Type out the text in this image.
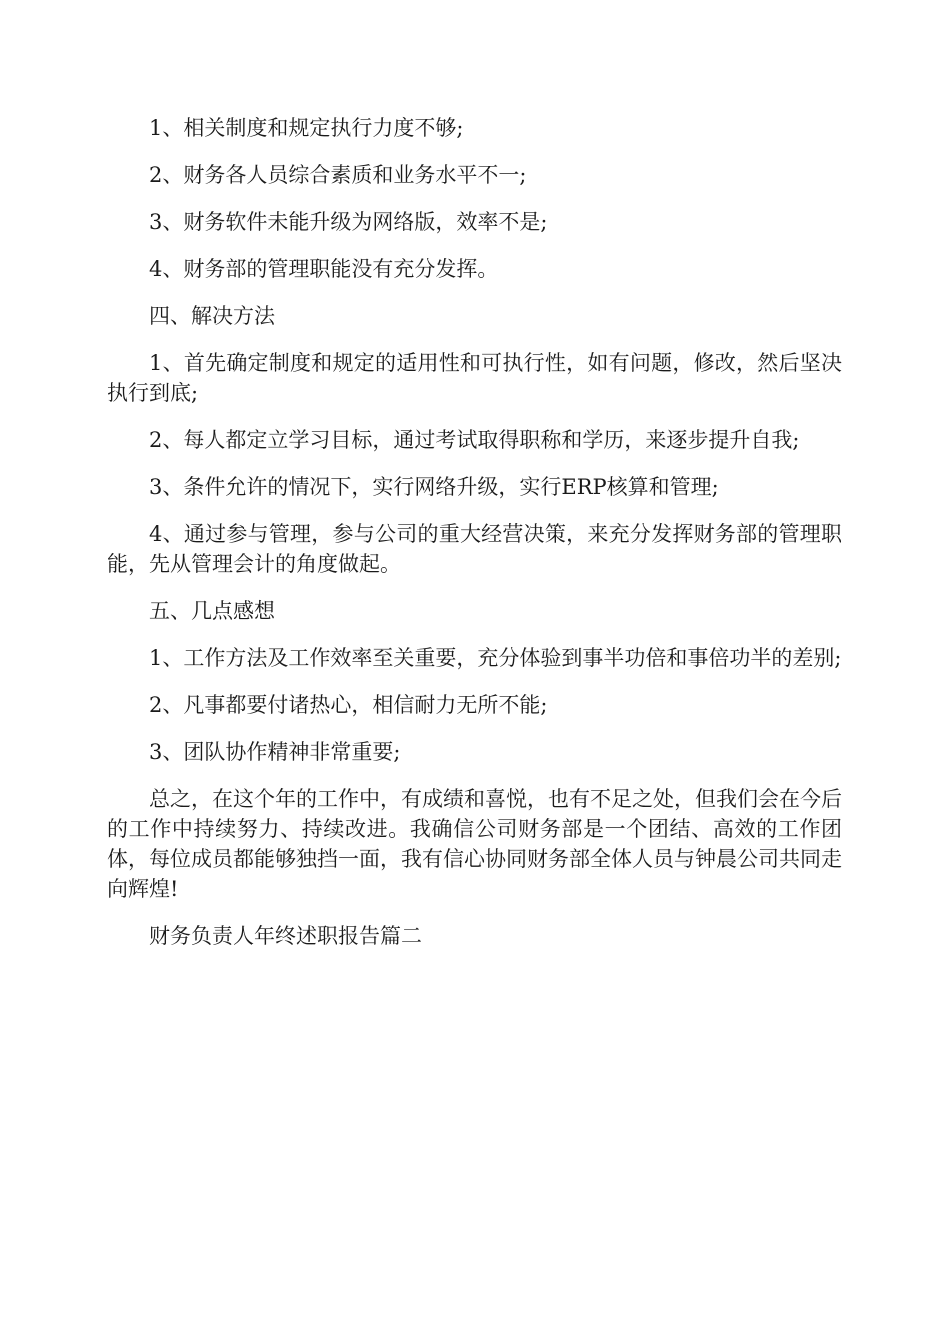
1、相关制度和规定执行力度不够;

2、财务各人员综合素质和业务水平不一;

3、财务软件未能升级为网络版，效率不是;

4、财务部的管理职能没有充分发挥。

四、解决方法

1、首先确定制度和规定的适用性和可执行性，如有问题，修改，然后坚决执行到底;

2、每人都定立学习目标，通过考试取得职称和学历，来逐步提升自我;

3、条件允许的情况下，实行网络升级，实行ERP核算和管理;

4、通过参与管理，参与公司的重大经营决策，来充分发挥财务部的管理职能，先从管理会计的角度做起。

五、几点感想

1、工作方法及工作效率至关重要，充分体验到事半功倍和事倍功半的差别;

2、凡事都要付诸热心，相信耐力无所不能;

3、团队协作精神非常重要;

总之，在这个年的工作中，有成绩和喜悦，也有不足之处，但我们会在今后的工作中持续努力、持续改进。我确信公司财务部是一个团结、高效的工作团体，每位成员都能够独挡一面，我有信心协同财务部全体人员与钟晨公司共同走向辉煌!

财务负责人年终述职报告篇二
